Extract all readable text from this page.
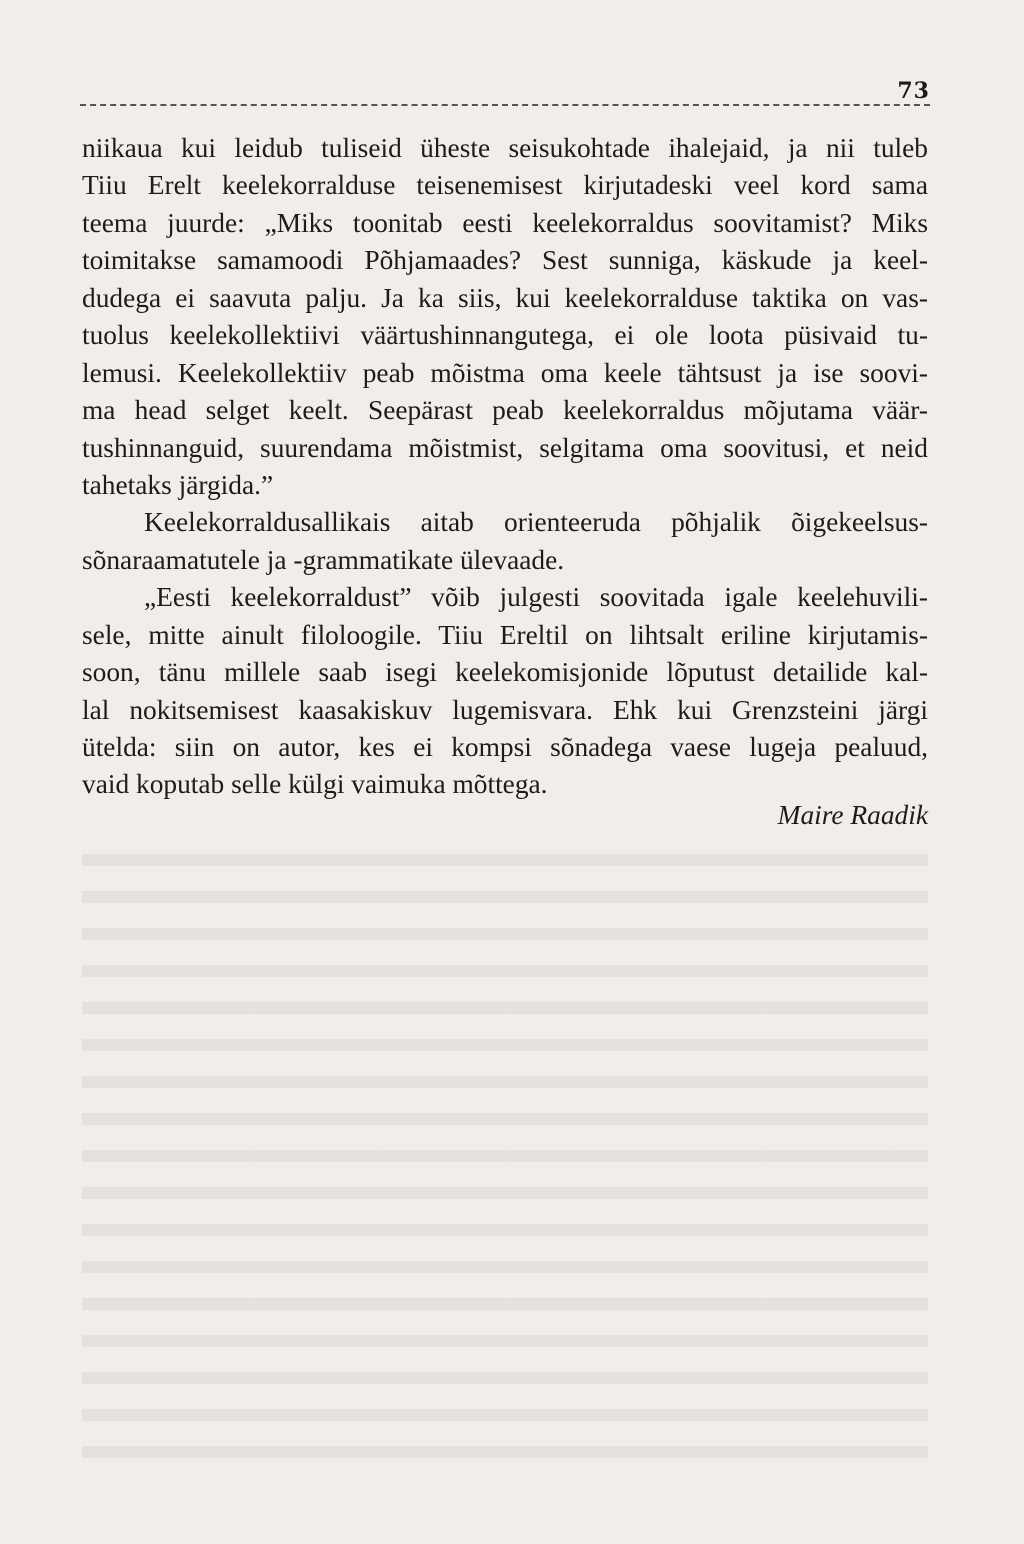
73
niikaua kui leidub tuliseid üheste seisukohtade ihalejaid, ja nii tuleb
Tiiu Erelt keelekorralduse teisenemisest kirjutadeski veel kord sama
teema juurde: „Miks toonitab eesti keelekorraldus soovitamist? Miks
toimitakse samamoodi Põhjamaades? Sest sunniga, käskude ja keel-
dudega ei saavuta palju. Ja ka siis, kui keelekorralduse taktika on vas-
tuolus keelekollektiivi väärtushinnangutega, ei ole loota püsivaid tu-
lemusi. Keelekollektiiv peab mõistma oma keele tähtsust ja ise soovi-
ma head selget keelt. Seepärast peab keelekorraldus mõjutama väär-
tushinnanguid, suurendama mõistmist, selgitama oma soovitusi, et neid
tahetaks järgida.”
Keelekorraldusallikais aitab orienteeruda põhjalik õigekeelsus-
sõnaraamatutele ja -grammatikate ülevaade.
„Eesti keelekorraldust” võib julgesti soovitada igale keelehuvili-
sele, mitte ainult filoloogile. Tiiu Ereltil on lihtsalt eriline kirjutamis-
soon, tänu millele saab isegi keelekomisjonide lõputust detailide kal-
lal nokitsemisest kaasakiskuv lugemisvara. Ehk kui Grenzsteini järgi
ütelda: siin on autor, kes ei kompsi sõnadega vaese lugeja pealuud,
vaid koputab selle külgi vaimuka mõttega.
Maire Raadik
